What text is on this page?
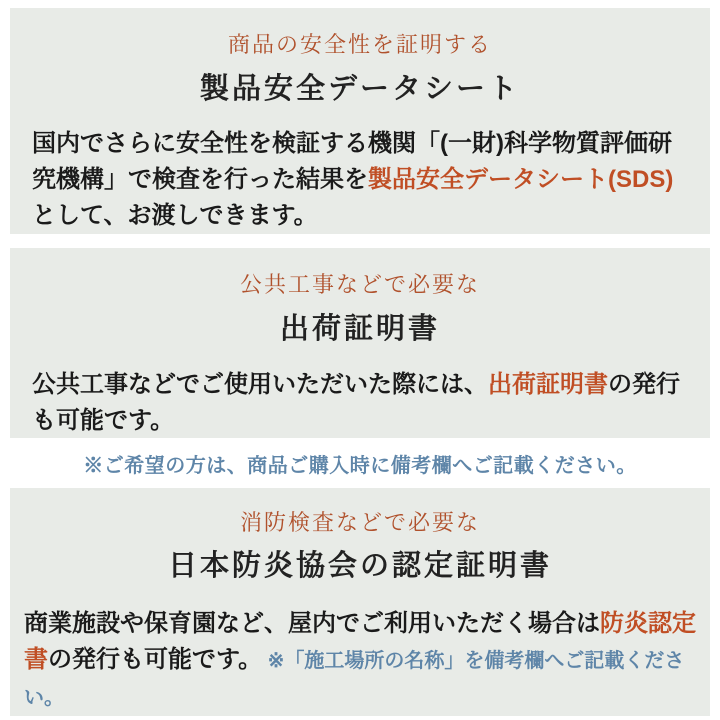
商品の安全性を証明する
製品安全データシート

国内でさらに安全性を検証する機関「(一財)科学物質評価研究機構」で検査を行った結果を製品安全データシート(SDS)として、お渡しできます。

公共工事などで必要な
出荷証明書

公共工事などでご使用いただいた際には、出荷証明書の発行も可能です。

※ご希望の方は、商品ご購入時に備考欄へご記載ください。

消防検査などで必要な
日本防炎協会の認定証明書

商業施設や保育園など、屋内でご利用いただく場合は防炎認定書の発行も可能です。 ※「施工場所の名称」を備考欄へご記載ください。
